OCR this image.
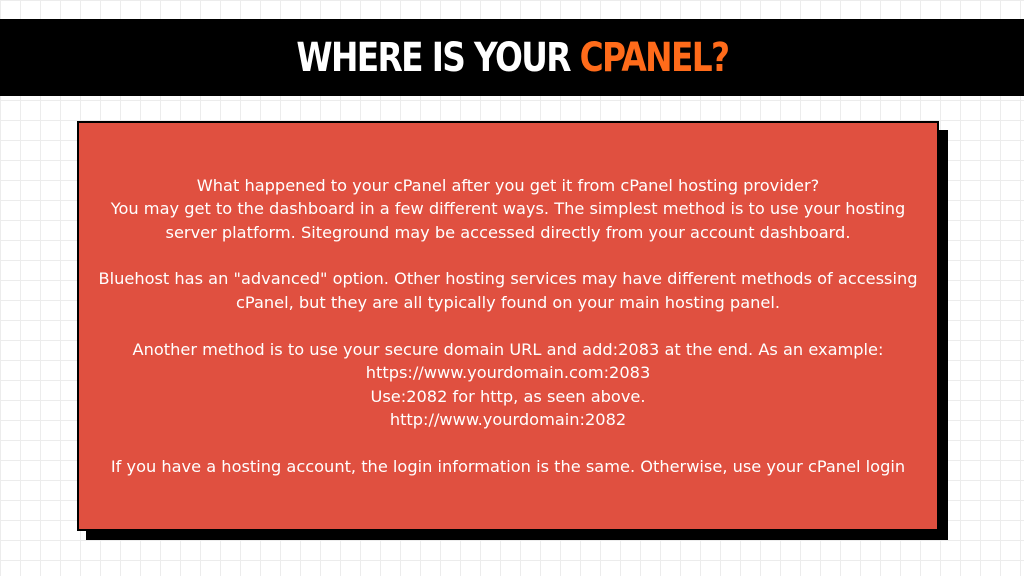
WHERE IS YOUR CPANEL?

What happened to your cPanel after you get it from cPanel hosting provider?
You may get to the dashboard in a few different ways. The simplest method is to use your hosting server platform. Siteground may be accessed directly from your account dashboard.

Bluehost has an "advanced" option. Other hosting services may have different methods of accessing cPanel, but they are all typically found on your main hosting panel.

Another method is to use your secure domain URL and add:2083 at the end. As an example:
https://www.yourdomain.com:2083
Use:2082 for http, as seen above.
http://www.yourdomain:2082

If you have a hosting account, the login information is the same. Otherwise, use your cPanel login
